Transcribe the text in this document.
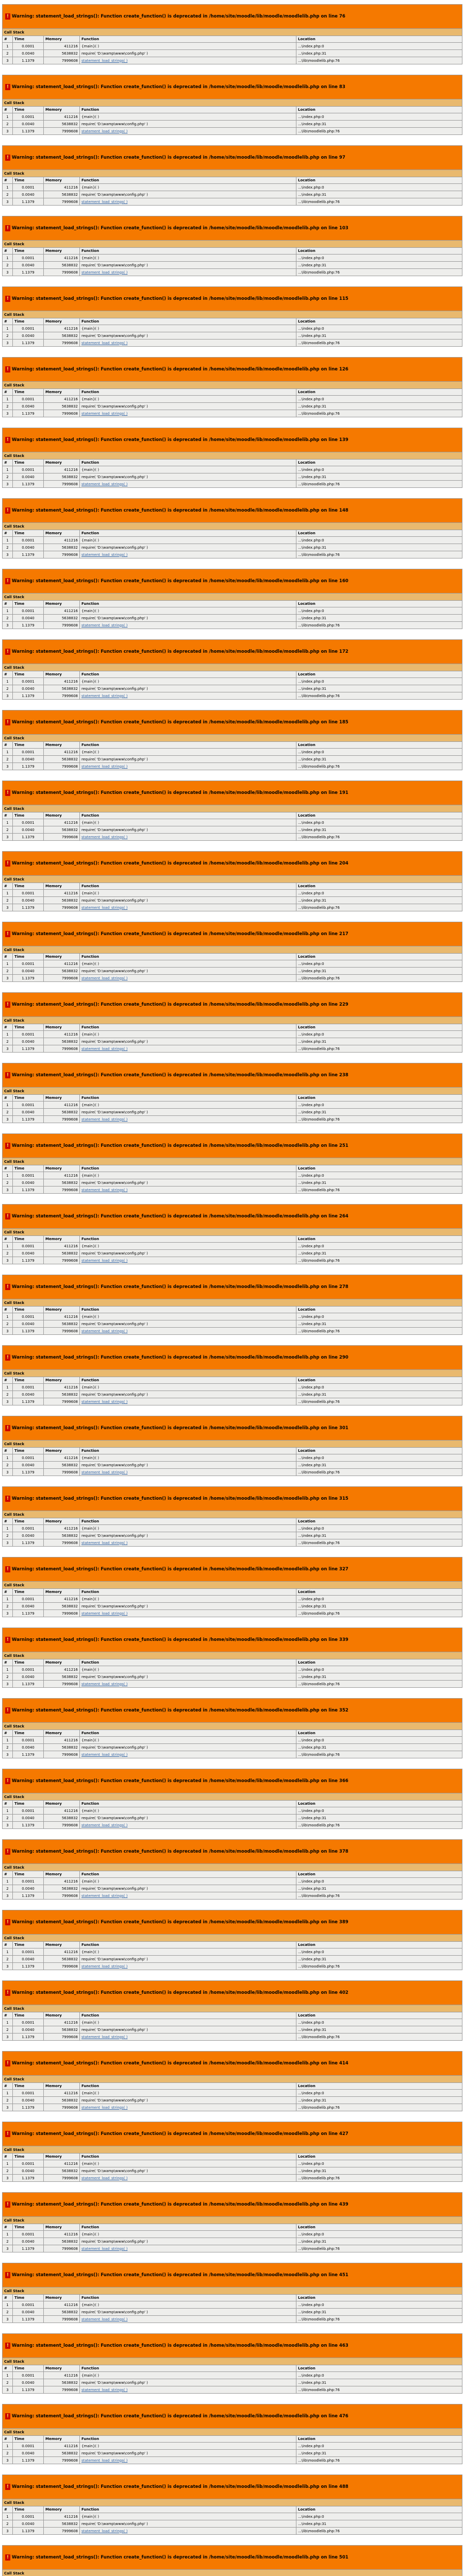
! Warning: statement_load_strings(): Function create_function() is deprecated in /home/site/moodle/lib/moodle/moodlelib.php on line 76				
Call Stack				
#	Time	Memory	Function	Location
1	0.0001	411216	{main}( )	...\index.php:0
2	0.0040	5638832	require( 'D:\wamp\www\config.php' )	...\index.php:31
3	1.1379	7999608	statement_load_strings( )	...\lib\moodlelib.php:76
! Warning: statement_load_strings(): Function create_function() is deprecated in /home/site/moodle/lib/moodle/moodlelib.php on line 83				
Call Stack				
#	Time	Memory	Function	Location
1	0.0001	411216	{main}( )	...\index.php:0
2	0.0040	5638832	require( 'D:\wamp\www\config.php' )	...\index.php:31
3	1.1379	7999608	statement_load_strings( )	...\lib\moodlelib.php:76
! Warning: statement_load_strings(): Function create_function() is deprecated in /home/site/moodle/lib/moodle/moodlelib.php on line 97				
Call Stack				
#	Time	Memory	Function	Location
1	0.0001	411216	{main}( )	...\index.php:0
2	0.0040	5638832	require( 'D:\wamp\www\config.php' )	...\index.php:31
3	1.1379	7999608	statement_load_strings( )	...\lib\moodlelib.php:76
! Warning: statement_load_strings(): Function create_function() is deprecated in /home/site/moodle/lib/moodle/moodlelib.php on line 103				
Call Stack				
#	Time	Memory	Function	Location
1	0.0001	411216	{main}( )	...\index.php:0
2	0.0040	5638832	require( 'D:\wamp\www\config.php' )	...\index.php:31
3	1.1379	7999608	statement_load_strings( )	...\lib\moodlelib.php:76
! Warning: statement_load_strings(): Function create_function() is deprecated in /home/site/moodle/lib/moodle/moodlelib.php on line 115				
Call Stack				
#	Time	Memory	Function	Location
1	0.0001	411216	{main}( )	...\index.php:0
2	0.0040	5638832	require( 'D:\wamp\www\config.php' )	...\index.php:31
3	1.1379	7999608	statement_load_strings( )	...\lib\moodlelib.php:76
! Warning: statement_load_strings(): Function create_function() is deprecated in /home/site/moodle/lib/moodle/moodlelib.php on line 126				
Call Stack				
#	Time	Memory	Function	Location
1	0.0001	411216	{main}( )	...\index.php:0
2	0.0040	5638832	require( 'D:\wamp\www\config.php' )	...\index.php:31
3	1.1379	7999608	statement_load_strings( )	...\lib\moodlelib.php:76
! Warning: statement_load_strings(): Function create_function() is deprecated in /home/site/moodle/lib/moodle/moodlelib.php on line 139				
Call Stack				
#	Time	Memory	Function	Location
1	0.0001	411216	{main}( )	...\index.php:0
2	0.0040	5638832	require( 'D:\wamp\www\config.php' )	...\index.php:31
3	1.1379	7999608	statement_load_strings( )	...\lib\moodlelib.php:76
! Warning: statement_load_strings(): Function create_function() is deprecated in /home/site/moodle/lib/moodle/moodlelib.php on line 148				
Call Stack				
#	Time	Memory	Function	Location
1	0.0001	411216	{main}( )	...\index.php:0
2	0.0040	5638832	require( 'D:\wamp\www\config.php' )	...\index.php:31
3	1.1379	7999608	statement_load_strings( )	...\lib\moodlelib.php:76
! Warning: statement_load_strings(): Function create_function() is deprecated in /home/site/moodle/lib/moodle/moodlelib.php on line 160				
Call Stack				
#	Time	Memory	Function	Location
1	0.0001	411216	{main}( )	...\index.php:0
2	0.0040	5638832	require( 'D:\wamp\www\config.php' )	...\index.php:31
3	1.1379	7999608	statement_load_strings( )	...\lib\moodlelib.php:76
! Warning: statement_load_strings(): Function create_function() is deprecated in /home/site/moodle/lib/moodle/moodlelib.php on line 172				
Call Stack				
#	Time	Memory	Function	Location
1	0.0001	411216	{main}( )	...\index.php:0
2	0.0040	5638832	require( 'D:\wamp\www\config.php' )	...\index.php:31
3	1.1379	7999608	statement_load_strings( )	...\lib\moodlelib.php:76
! Warning: statement_load_strings(): Function create_function() is deprecated in /home/site/moodle/lib/moodle/moodlelib.php on line 185				
Call Stack				
#	Time	Memory	Function	Location
1	0.0001	411216	{main}( )	...\index.php:0
2	0.0040	5638832	require( 'D:\wamp\www\config.php' )	...\index.php:31
3	1.1379	7999608	statement_load_strings( )	...\lib\moodlelib.php:76
! Warning: statement_load_strings(): Function create_function() is deprecated in /home/site/moodle/lib/moodle/moodlelib.php on line 191				
Call Stack				
#	Time	Memory	Function	Location
1	0.0001	411216	{main}( )	...\index.php:0
2	0.0040	5638832	require( 'D:\wamp\www\config.php' )	...\index.php:31
3	1.1379	7999608	statement_load_strings( )	...\lib\moodlelib.php:76
! Warning: statement_load_strings(): Function create_function() is deprecated in /home/site/moodle/lib/moodle/moodlelib.php on line 204				
Call Stack				
#	Time	Memory	Function	Location
1	0.0001	411216	{main}( )	...\index.php:0
2	0.0040	5638832	require( 'D:\wamp\www\config.php' )	...\index.php:31
3	1.1379	7999608	statement_load_strings( )	...\lib\moodlelib.php:76
! Warning: statement_load_strings(): Function create_function() is deprecated in /home/site/moodle/lib/moodle/moodlelib.php on line 217				
Call Stack				
#	Time	Memory	Function	Location
1	0.0001	411216	{main}( )	...\index.php:0
2	0.0040	5638832	require( 'D:\wamp\www\config.php' )	...\index.php:31
3	1.1379	7999608	statement_load_strings( )	...\lib\moodlelib.php:76
! Warning: statement_load_strings(): Function create_function() is deprecated in /home/site/moodle/lib/moodle/moodlelib.php on line 229				
Call Stack				
#	Time	Memory	Function	Location
1	0.0001	411216	{main}( )	...\index.php:0
2	0.0040	5638832	require( 'D:\wamp\www\config.php' )	...\index.php:31
3	1.1379	7999608	statement_load_strings( )	...\lib\moodlelib.php:76
! Warning: statement_load_strings(): Function create_function() is deprecated in /home/site/moodle/lib/moodle/moodlelib.php on line 238				
Call Stack				
#	Time	Memory	Function	Location
1	0.0001	411216	{main}( )	...\index.php:0
2	0.0040	5638832	require( 'D:\wamp\www\config.php' )	...\index.php:31
3	1.1379	7999608	statement_load_strings( )	...\lib\moodlelib.php:76
! Warning: statement_load_strings(): Function create_function() is deprecated in /home/site/moodle/lib/moodle/moodlelib.php on line 251				
Call Stack				
#	Time	Memory	Function	Location
1	0.0001	411216	{main}( )	...\index.php:0
2	0.0040	5638832	require( 'D:\wamp\www\config.php' )	...\index.php:31
3	1.1379	7999608	statement_load_strings( )	...\lib\moodlelib.php:76
! Warning: statement_load_strings(): Function create_function() is deprecated in /home/site/moodle/lib/moodle/moodlelib.php on line 264				
Call Stack				
#	Time	Memory	Function	Location
1	0.0001	411216	{main}( )	...\index.php:0
2	0.0040	5638832	require( 'D:\wamp\www\config.php' )	...\index.php:31
3	1.1379	7999608	statement_load_strings( )	...\lib\moodlelib.php:76
! Warning: statement_load_strings(): Function create_function() is deprecated in /home/site/moodle/lib/moodle/moodlelib.php on line 278				
Call Stack				
#	Time	Memory	Function	Location
1	0.0001	411216	{main}( )	...\index.php:0
2	0.0040	5638832	require( 'D:\wamp\www\config.php' )	...\index.php:31
3	1.1379	7999608	statement_load_strings( )	...\lib\moodlelib.php:76
! Warning: statement_load_strings(): Function create_function() is deprecated in /home/site/moodle/lib/moodle/moodlelib.php on line 290				
Call Stack				
#	Time	Memory	Function	Location
1	0.0001	411216	{main}( )	...\index.php:0
2	0.0040	5638832	require( 'D:\wamp\www\config.php' )	...\index.php:31
3	1.1379	7999608	statement_load_strings( )	...\lib\moodlelib.php:76
! Warning: statement_load_strings(): Function create_function() is deprecated in /home/site/moodle/lib/moodle/moodlelib.php on line 301				
Call Stack				
#	Time	Memory	Function	Location
1	0.0001	411216	{main}( )	...\index.php:0
2	0.0040	5638832	require( 'D:\wamp\www\config.php' )	...\index.php:31
3	1.1379	7999608	statement_load_strings( )	...\lib\moodlelib.php:76
! Warning: statement_load_strings(): Function create_function() is deprecated in /home/site/moodle/lib/moodle/moodlelib.php on line 315				
Call Stack				
#	Time	Memory	Function	Location
1	0.0001	411216	{main}( )	...\index.php:0
2	0.0040	5638832	require( 'D:\wamp\www\config.php' )	...\index.php:31
3	1.1379	7999608	statement_load_strings( )	...\lib\moodlelib.php:76
! Warning: statement_load_strings(): Function create_function() is deprecated in /home/site/moodle/lib/moodle/moodlelib.php on line 327				
Call Stack				
#	Time	Memory	Function	Location
1	0.0001	411216	{main}( )	...\index.php:0
2	0.0040	5638832	require( 'D:\wamp\www\config.php' )	...\index.php:31
3	1.1379	7999608	statement_load_strings( )	...\lib\moodlelib.php:76
! Warning: statement_load_strings(): Function create_function() is deprecated in /home/site/moodle/lib/moodle/moodlelib.php on line 339				
Call Stack				
#	Time	Memory	Function	Location
1	0.0001	411216	{main}( )	...\index.php:0
2	0.0040	5638832	require( 'D:\wamp\www\config.php' )	...\index.php:31
3	1.1379	7999608	statement_load_strings( )	...\lib\moodlelib.php:76
! Warning: statement_load_strings(): Function create_function() is deprecated in /home/site/moodle/lib/moodle/moodlelib.php on line 352				
Call Stack				
#	Time	Memory	Function	Location
1	0.0001	411216	{main}( )	...\index.php:0
2	0.0040	5638832	require( 'D:\wamp\www\config.php' )	...\index.php:31
3	1.1379	7999608	statement_load_strings( )	...\lib\moodlelib.php:76
! Warning: statement_load_strings(): Function create_function() is deprecated in /home/site/moodle/lib/moodle/moodlelib.php on line 366				
Call Stack				
#	Time	Memory	Function	Location
1	0.0001	411216	{main}( )	...\index.php:0
2	0.0040	5638832	require( 'D:\wamp\www\config.php' )	...\index.php:31
3	1.1379	7999608	statement_load_strings( )	...\lib\moodlelib.php:76
! Warning: statement_load_strings(): Function create_function() is deprecated in /home/site/moodle/lib/moodle/moodlelib.php on line 378				
Call Stack				
#	Time	Memory	Function	Location
1	0.0001	411216	{main}( )	...\index.php:0
2	0.0040	5638832	require( 'D:\wamp\www\config.php' )	...\index.php:31
3	1.1379	7999608	statement_load_strings( )	...\lib\moodlelib.php:76
! Warning: statement_load_strings(): Function create_function() is deprecated in /home/site/moodle/lib/moodle/moodlelib.php on line 389				
Call Stack				
#	Time	Memory	Function	Location
1	0.0001	411216	{main}( )	...\index.php:0
2	0.0040	5638832	require( 'D:\wamp\www\config.php' )	...\index.php:31
3	1.1379	7999608	statement_load_strings( )	...\lib\moodlelib.php:76
! Warning: statement_load_strings(): Function create_function() is deprecated in /home/site/moodle/lib/moodle/moodlelib.php on line 402				
Call Stack				
#	Time	Memory	Function	Location
1	0.0001	411216	{main}( )	...\index.php:0
2	0.0040	5638832	require( 'D:\wamp\www\config.php' )	...\index.php:31
3	1.1379	7999608	statement_load_strings( )	...\lib\moodlelib.php:76
! Warning: statement_load_strings(): Function create_function() is deprecated in /home/site/moodle/lib/moodle/moodlelib.php on line 414				
Call Stack				
#	Time	Memory	Function	Location
1	0.0001	411216	{main}( )	...\index.php:0
2	0.0040	5638832	require( 'D:\wamp\www\config.php' )	...\index.php:31
3	1.1379	7999608	statement_load_strings( )	...\lib\moodlelib.php:76
! Warning: statement_load_strings(): Function create_function() is deprecated in /home/site/moodle/lib/moodle/moodlelib.php on line 427				
Call Stack				
#	Time	Memory	Function	Location
1	0.0001	411216	{main}( )	...\index.php:0
2	0.0040	5638832	require( 'D:\wamp\www\config.php' )	...\index.php:31
3	1.1379	7999608	statement_load_strings( )	...\lib\moodlelib.php:76
! Warning: statement_load_strings(): Function create_function() is deprecated in /home/site/moodle/lib/moodle/moodlelib.php on line 439				
Call Stack				
#	Time	Memory	Function	Location
1	0.0001	411216	{main}( )	...\index.php:0
2	0.0040	5638832	require( 'D:\wamp\www\config.php' )	...\index.php:31
3	1.1379	7999608	statement_load_strings( )	...\lib\moodlelib.php:76
! Warning: statement_load_strings(): Function create_function() is deprecated in /home/site/moodle/lib/moodle/moodlelib.php on line 451				
Call Stack				
#	Time	Memory	Function	Location
1	0.0001	411216	{main}( )	...\index.php:0
2	0.0040	5638832	require( 'D:\wamp\www\config.php' )	...\index.php:31
3	1.1379	7999608	statement_load_strings( )	...\lib\moodlelib.php:76
! Warning: statement_load_strings(): Function create_function() is deprecated in /home/site/moodle/lib/moodle/moodlelib.php on line 463				
Call Stack				
#	Time	Memory	Function	Location
1	0.0001	411216	{main}( )	...\index.php:0
2	0.0040	5638832	require( 'D:\wamp\www\config.php' )	...\index.php:31
3	1.1379	7999608	statement_load_strings( )	...\lib\moodlelib.php:76
! Warning: statement_load_strings(): Function create_function() is deprecated in /home/site/moodle/lib/moodle/moodlelib.php on line 476				
Call Stack				
#	Time	Memory	Function	Location
1	0.0001	411216	{main}( )	...\index.php:0
2	0.0040	5638832	require( 'D:\wamp\www\config.php' )	...\index.php:31
3	1.1379	7999608	statement_load_strings( )	...\lib\moodlelib.php:76
! Warning: statement_load_strings(): Function create_function() is deprecated in /home/site/moodle/lib/moodle/moodlelib.php on line 488				
Call Stack				
#	Time	Memory	Function	Location
1	0.0001	411216	{main}( )	...\index.php:0
2	0.0040	5638832	require( 'D:\wamp\www\config.php' )	...\index.php:31
3	1.1379	7999608	statement_load_strings( )	...\lib\moodlelib.php:76
! Warning: statement_load_strings(): Function create_function() is deprecated in /home/site/moodle/lib/moodle/moodlelib.php on line 501				
Call Stack				
